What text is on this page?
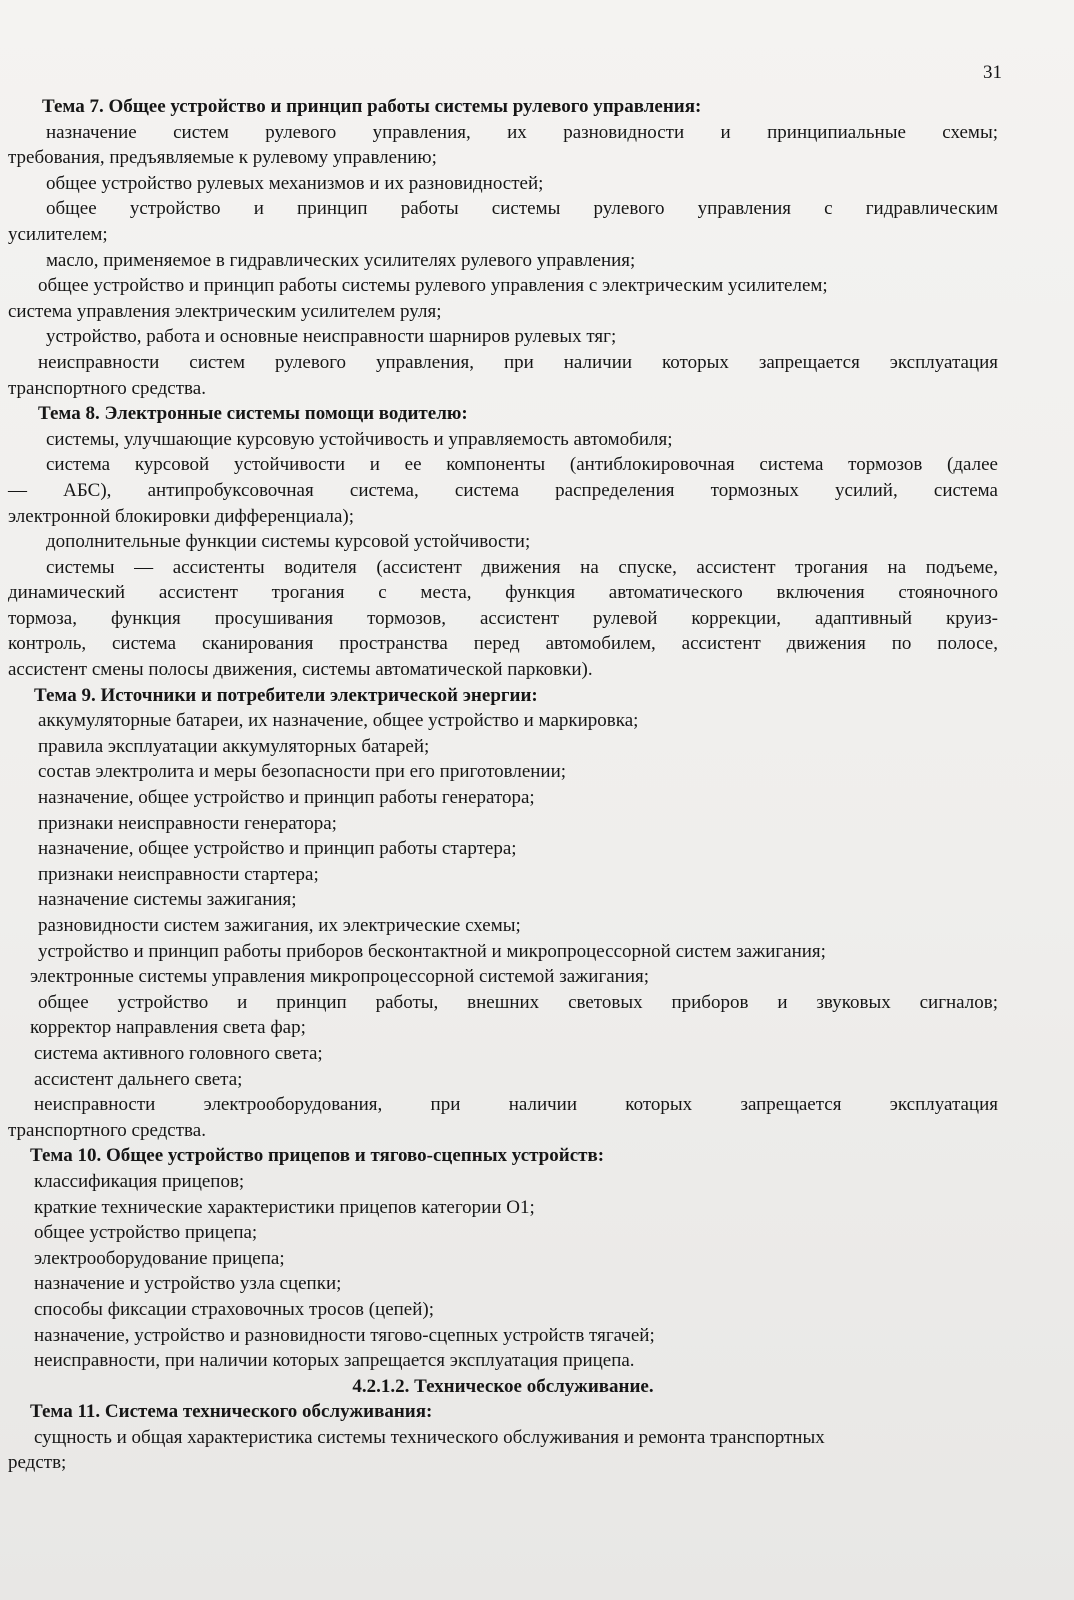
31
Тема 7. Общее устройство и принцип работы системы рулевого управления:
назначение систем рулевого управления, их разновидности и принципиальные схемы;
требования, предъявляемые к рулевому управлению;
общее устройство рулевых механизмов и их разновидностей;
общее устройство и принцип работы системы рулевого управления с гидравлическим
усилителем;
масло, применяемое в гидравлических усилителях рулевого управления;
общее устройство и принцип работы системы рулевого управления с электрическим усилителем;
система управления электрическим усилителем руля;
устройство, работа и основные неисправности шарниров рулевых тяг;
неисправности систем рулевого управления, при наличии которых запрещается эксплуатация
транспортного средства.
Тема 8. Электронные системы помощи водителю:
системы, улучшающие курсовую устойчивость и управляемость автомобиля;
система курсовой устойчивости и ее компоненты (антиблокировочная система тормозов (далее
— АБС), антипробуксовочная система, система распределения тормозных усилий, система
электронной блокировки дифференциала);
дополнительные функции системы курсовой устойчивости;
системы — ассистенты водителя (ассистент движения на спуске, ассистент трогания на подъеме,
динамический ассистент трогания с места, функция автоматического включения стояночного
тормоза, функция просушивания тормозов, ассистент рулевой коррекции, адаптивный круиз-
контроль, система сканирования пространства перед автомобилем, ассистент движения по полосе,
ассистент смены полосы движения, системы автоматической парковки).
Тема 9. Источники и потребители электрической энергии:
аккумуляторные батареи, их назначение, общее устройство и маркировка;
правила эксплуатации аккумуляторных батарей;
состав электролита и меры безопасности при его приготовлении;
назначение, общее устройство и принцип работы генератора;
признаки неисправности генератора;
назначение, общее устройство и принцип работы стартера;
признаки неисправности стартера;
назначение системы зажигания;
разновидности систем зажигания, их электрические схемы;
устройство и принцип работы приборов бесконтактной и микропроцессорной систем зажигания;
электронные системы управления микропроцессорной системой зажигания;
общее устройство и принцип работы, внешних световых приборов и звуковых сигналов;
корректор направления света фар;
система активного головного света;
ассистент дальнего света;
неисправности электрооборудования, при наличии которых запрещается эксплуатация
транспортного средства.
Тема 10. Общее устройство прицепов и тягово-сцепных устройств:
классификация прицепов;
краткие технические характеристики прицепов категории O1;
общее устройство прицепа;
электрооборудование прицепа;
назначение и устройство узла сцепки;
способы фиксации страховочных тросов (цепей);
назначение, устройство и разновидности тягово-сцепных устройств тягачей;
неисправности, при наличии которых запрещается эксплуатация прицепа.
4.2.1.2. Техническое обслуживание.
Тема 11. Система технического обслуживания:
сущность и общая характеристика системы технического обслуживания и ремонта транспортных
редств;
